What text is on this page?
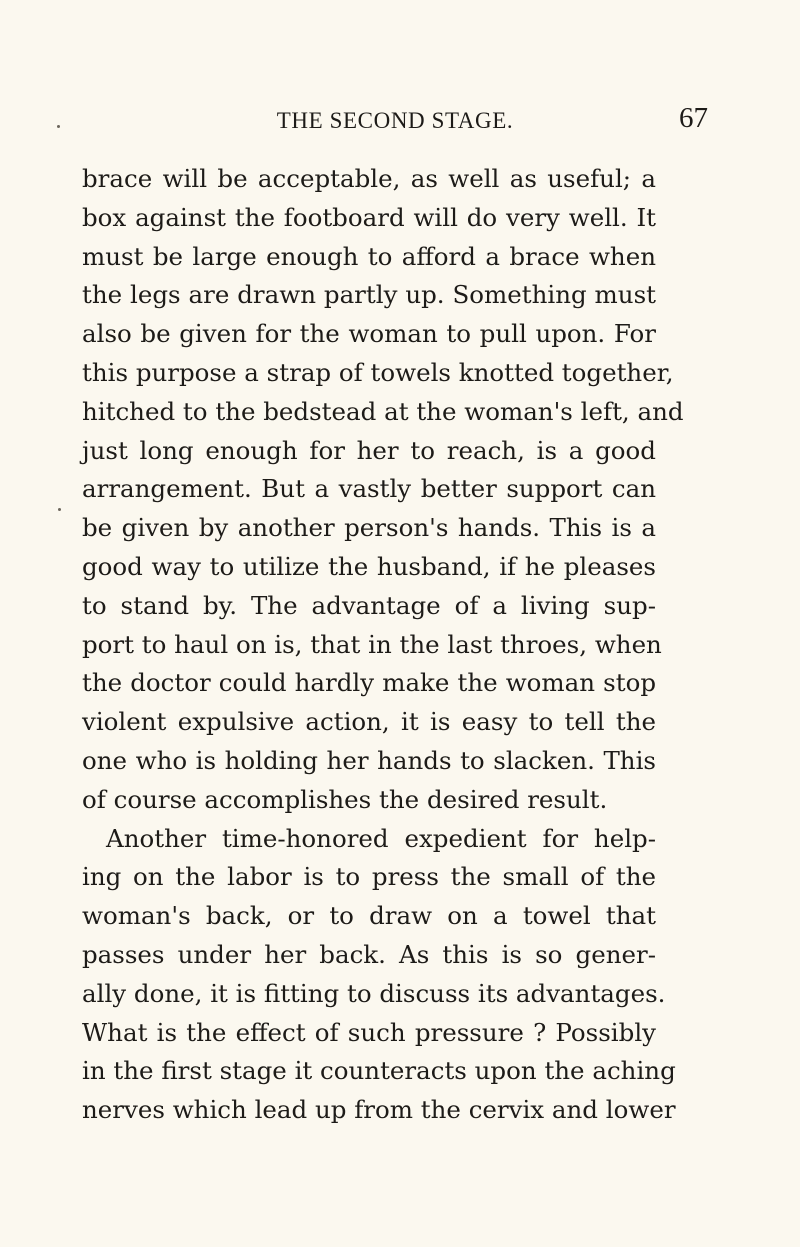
THE SECOND STAGE.	67
brace will be acceptable, as well as useful; a
box against the footboard will do very well. It
must be large enough to afford a brace when
the legs are drawn partly up. Something must
also be given for the woman to pull upon. For
this purpose a strap of towels knotted together,
hitched to the bedstead at the woman's left, and
just long enough for her to reach, is a good
arrangement. But a vastly better support can
be given by another person's hands. This is a
good way to utilize the husband, if he pleases
to stand by. The advantage of a living sup-
port to haul on is, that in the last throes, when
the doctor could hardly make the woman stop
violent expulsive action, it is easy to tell the
one who is holding her hands to slacken. This
of course accomplishes the desired result.
Another time-honored expedient for help-
ing on the labor is to press the small of the
woman's back, or to draw on a towel that
passes under her back. As this is so gener-
ally done, it is fitting to discuss its advantages.
What is the effect of such pressure ? Possibly
in the first stage it counteracts upon the aching
nerves which lead up from the cervix and lower
